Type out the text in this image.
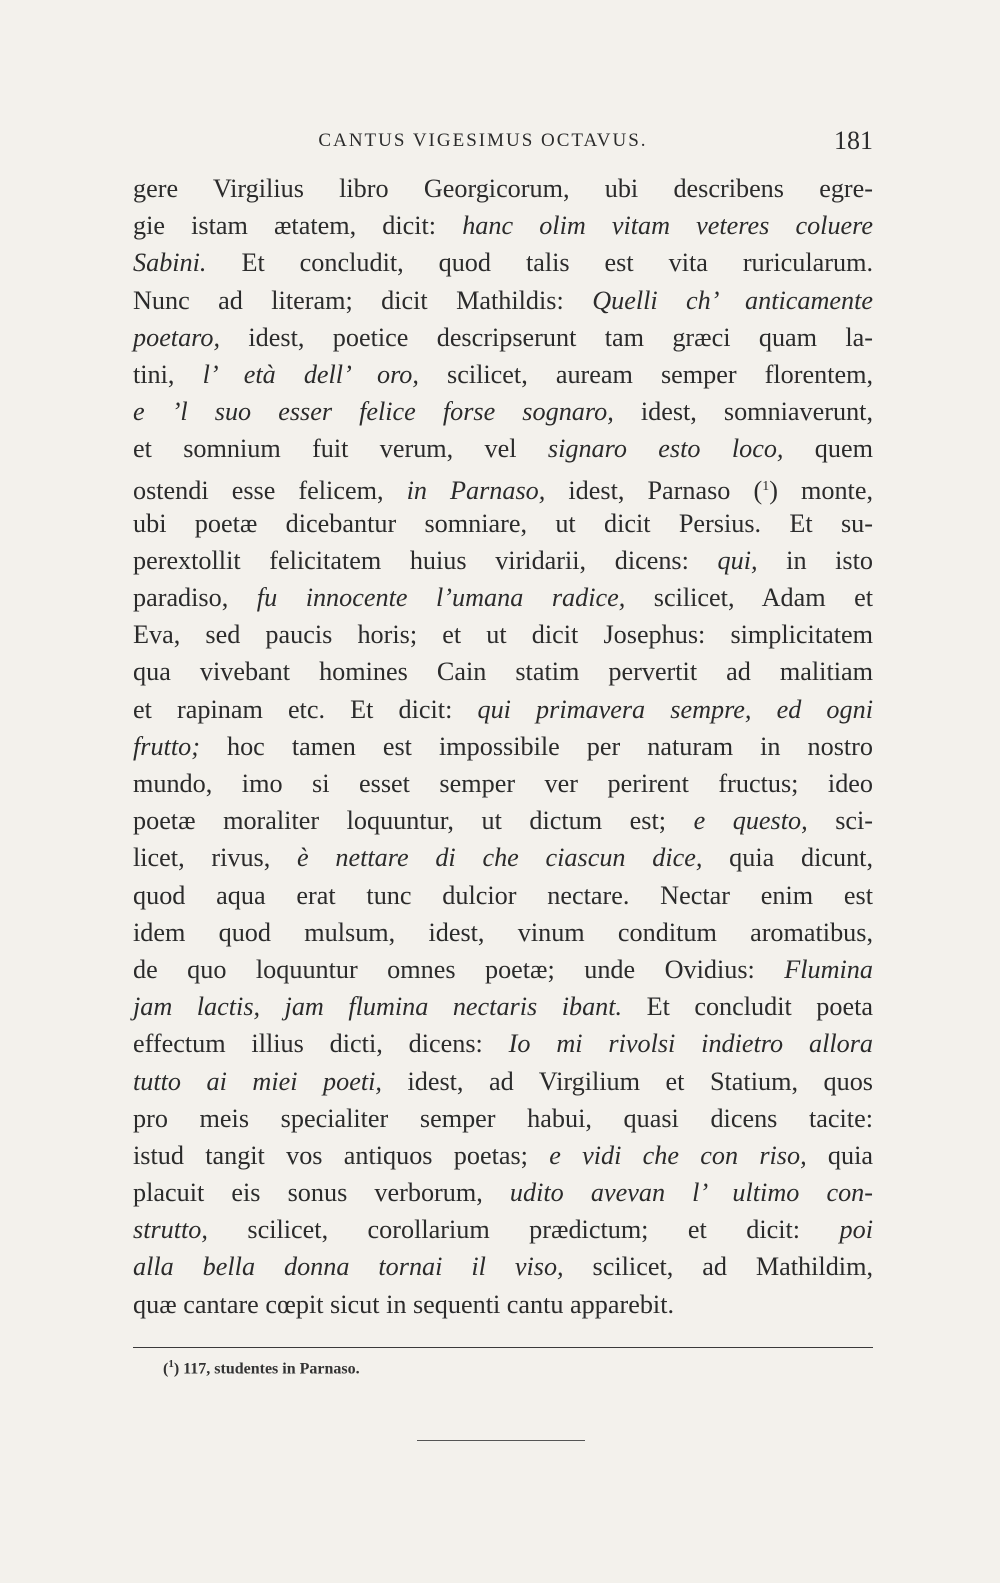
CANTUS VIGESIMUS OCTAVUS.	181
gere Virgilius libro Georgicorum, ubi describens egre-
gie istam ætatem, dicit: hanc olim vitam veteres coluere
Sabini. Et concludit, quod talis est vita ruricularum.
Nunc ad literam; dicit Mathildis: Quelli ch’ anticamente
poetaro, idest, poetice descripserunt tam græci quam la-
tini, l’ età dell’ oro, scilicet, auream semper florentem,
e ’l suo esser felice forse sognaro, idest, somniaverunt,
et somnium fuit verum, vel signaro esto loco, quem
ostendi esse felicem, in Parnaso, idest, Parnaso ($^1$) monte,
ubi poetæ dicebantur somniare, ut dicit Persius. Et su-
perextollit felicitatem huius viridarii, dicens: qui, in isto
paradiso, fu innocente l’umana radice, scilicet, Adam et
Eva, sed paucis horis; et ut dicit Josephus: simplicitatem
qua vivebant homines Cain statim pervertit ad malitiam
et rapinam etc. Et dicit: qui primavera sempre, ed ogni
frutto; hoc tamen est impossibile per naturam in nostro
mundo, imo si esset semper ver perirent fructus; ideo
poetæ moraliter loquuntur, ut dictum est; e questo, sci-
licet, rivus, è nettare di che ciascun dice, quia dicunt,
quod aqua erat tunc dulcior nectare. Nectar enim est
idem quod mulsum, idest, vinum conditum aromatibus,
de quo loquuntur omnes poetæ; unde Ovidius: Flumina
jam lactis, jam flumina nectaris ibant. Et concludit poeta
effectum illius dicti, dicens: Io mi rivolsi indietro allora
tutto ai miei poeti, idest, ad Virgilium et Statium, quos
pro meis specialiter semper habui, quasi dicens tacite:
istud tangit vos antiquos poetas; e vidi che con riso, quia
placuit eis sonus verborum, udito avevan l’ ultimo con-
strutto, scilicet, corollarium prædictum; et dicit: poi
alla bella donna tornai il viso, scilicet, ad Mathildim,
quæ cantare cœpit sicut in sequenti cantu apparebit.
($^1$) 117, studentes in Parnaso.
